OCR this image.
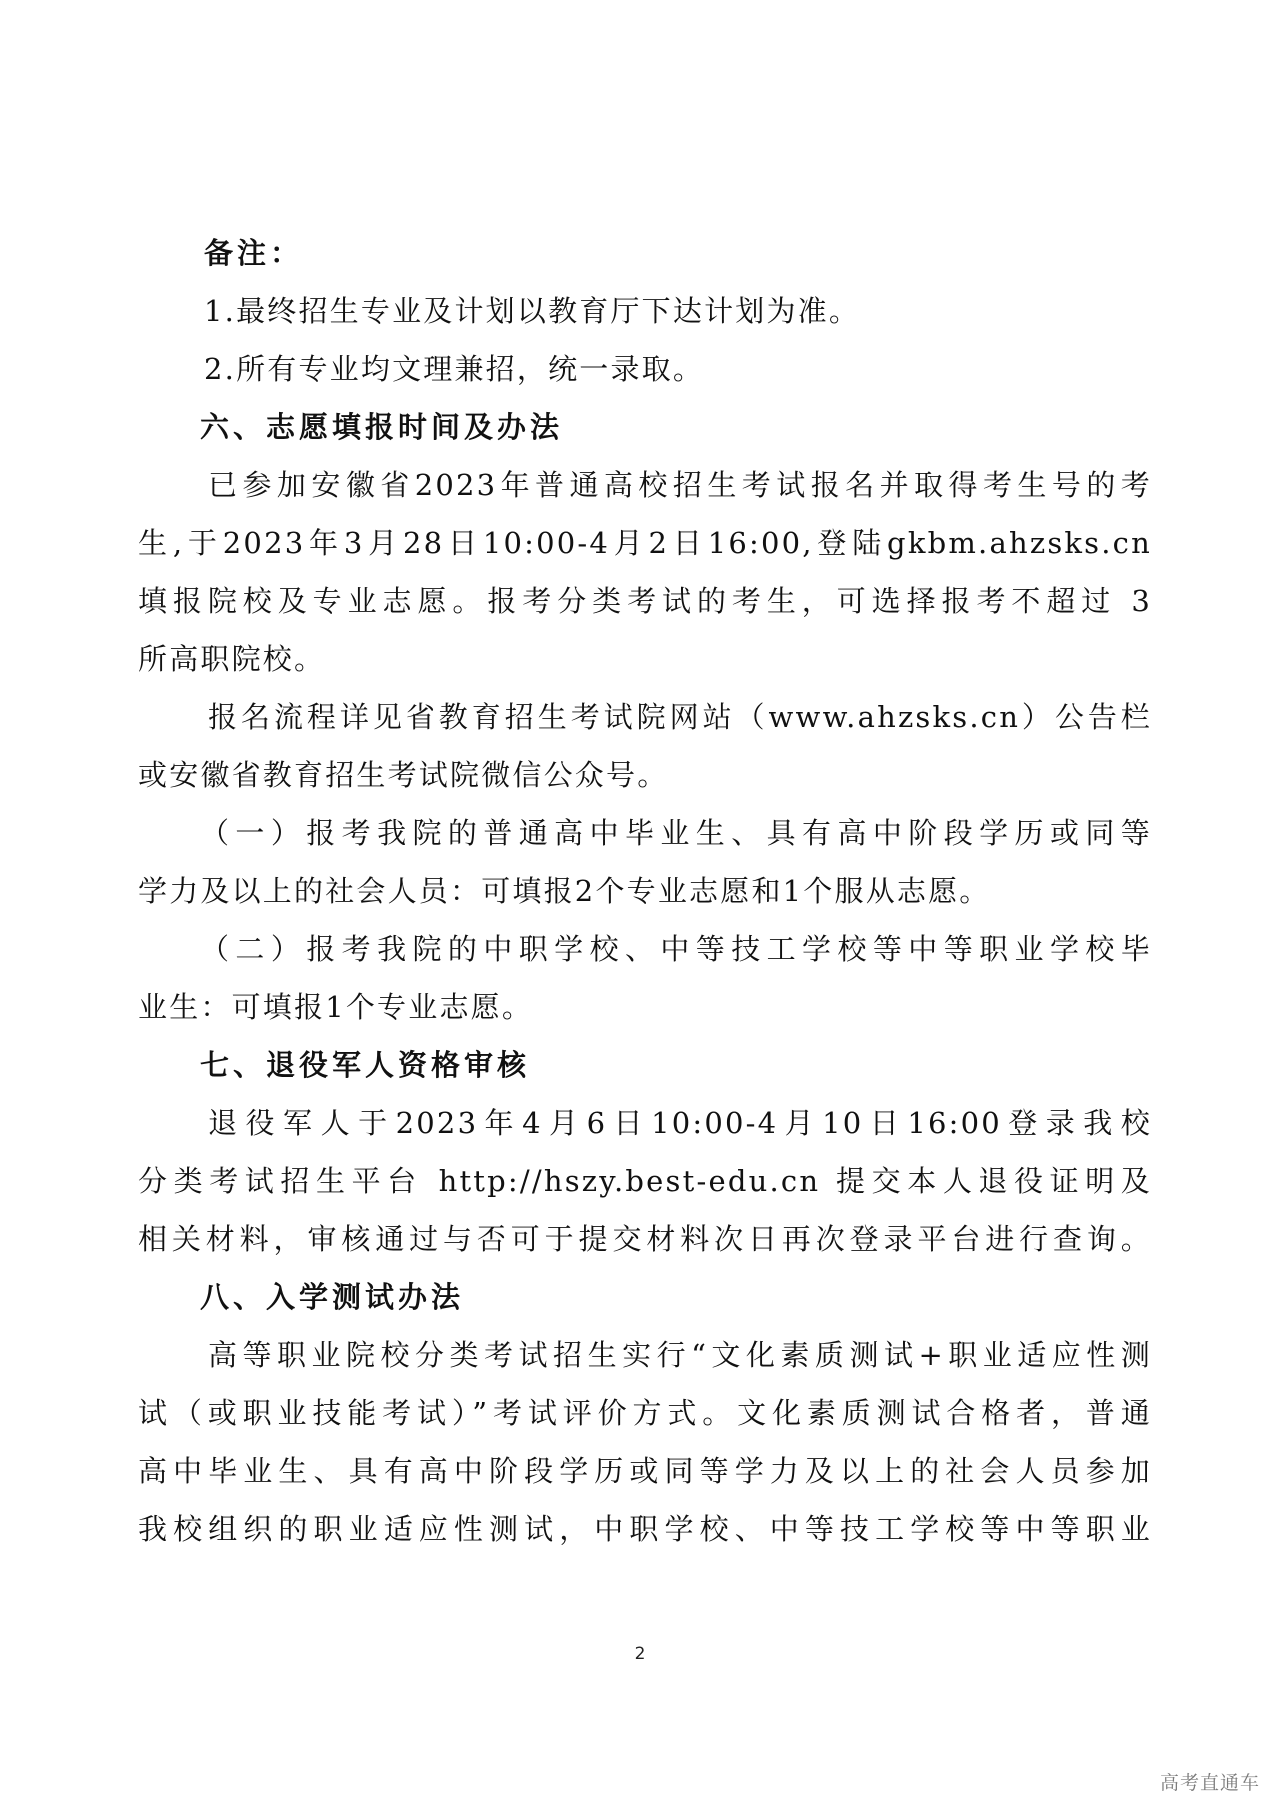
备注：
1.最终招生专业及计划以教育厅下达计划为准。
2.所有专业均文理兼招，统一录取。
六、志愿填报时间及办法
已参加安徽省2023年普通高校招生考试报名并取得考生号的考
生,于2023年3月28日10:00-4月2日16:00,登陆gkbm.ahzsks.cn
填报院校及专业志愿。报考分类考试的考生，可选择报考不超过 3
所高职院校。
报名流程详见省教育招生考试院网站（www.ahzsks.cn）公告栏
或安徽省教育招生考试院微信公众号。
（一）报考我院的普通高中毕业生、具有高中阶段学历或同等
学力及以上的社会人员：可填报2个专业志愿和1个服从志愿。
（二）报考我院的中职学校、中等技工学校等中等职业学校毕
业生：可填报1个专业志愿。
七、退役军人资格审核
退役军人于2023年4月6日10:00-4月10日16:00登录我校
分类考试招生平台 http://hszy.best-edu.cn 提交本人退役证明及
相关材料，审核通过与否可于提交材料次日再次登录平台进行查询。
八、入学测试办法
高等职业院校分类考试招生实行“文化素质测试+职业适应性测
试（或职业技能考试）”考试评价方式。文化素质测试合格者，普通
高中毕业生、具有高中阶段学历或同等学力及以上的社会人员参加
我校组织的职业适应性测试，中职学校、中等技工学校等中等职业
2
高考直通车
